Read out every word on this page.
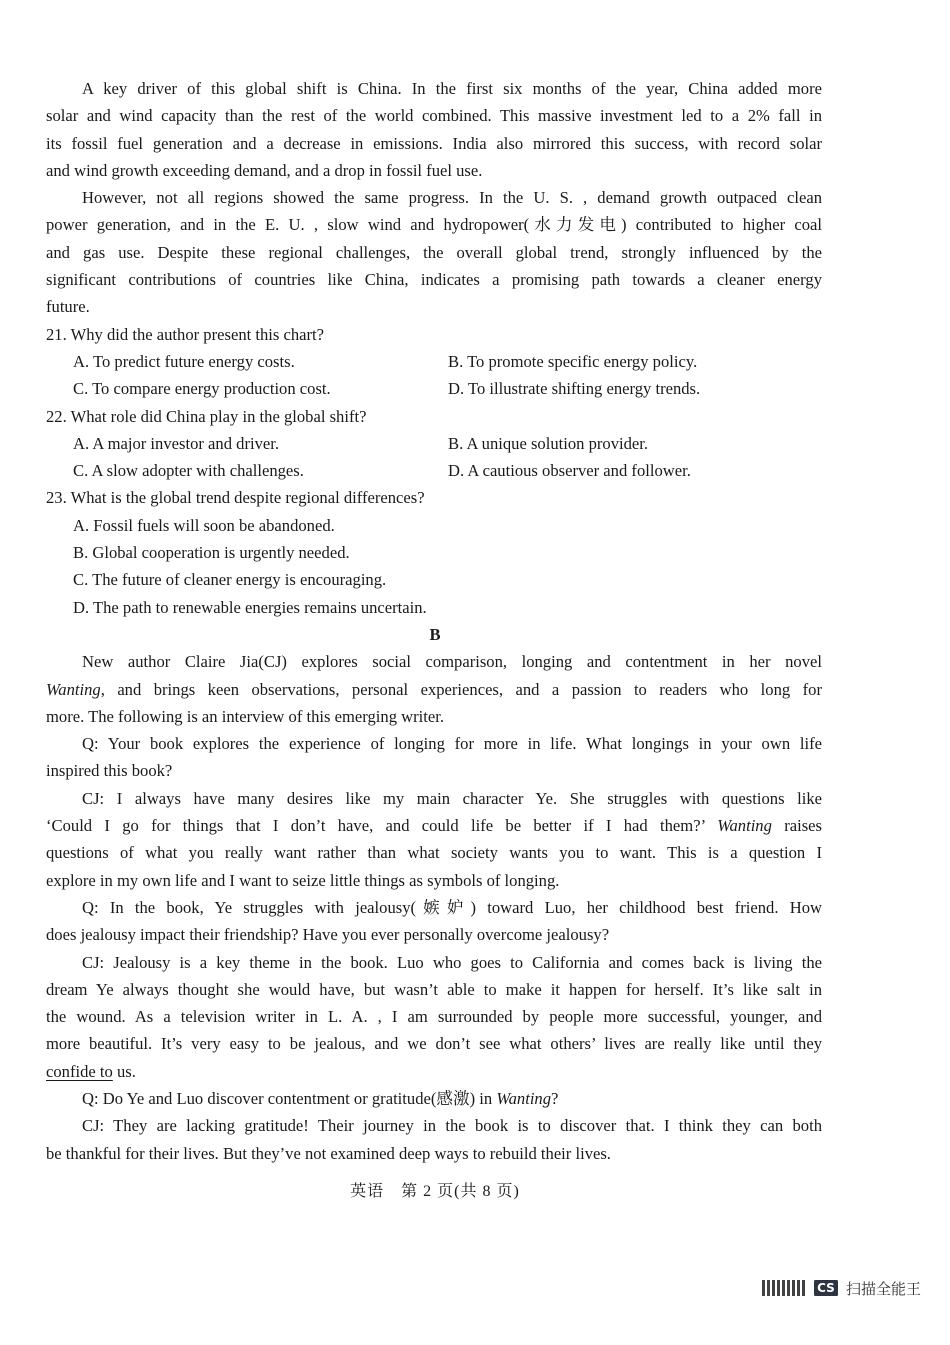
A key driver of this global shift is China. In the first six months of the year, China added more
solar and wind capacity than the rest of the world combined. This massive investment led to a 2% fall in
its fossil fuel generation and a decrease in emissions. India also mirrored this success, with record solar
and wind growth exceeding demand, and a drop in fossil fuel use.
However, not all regions showed the same progress. In the U. S. , demand growth outpaced clean
power generation, and in the E. U. , slow wind and hydropower(水力发电) contributed to higher coal
and gas use. Despite these regional challenges, the overall global trend, strongly influenced by the
significant contributions of countries like China, indicates a promising path towards a cleaner energy
future.
21. Why did the author present this chart?
A. To predict future energy costs.	B. To promote specific energy policy.
C. To compare energy production cost.	D. To illustrate shifting energy trends.
22. What role did China play in the global shift?
A. A major investor and driver.	B. A unique solution provider.
C. A slow adopter with challenges.	D. A cautious observer and follower.
23. What is the global trend despite regional differences?
A. Fossil fuels will soon be abandoned.
B. Global cooperation is urgently needed.
C. The future of cleaner energy is encouraging.
D. The path to renewable energies remains uncertain.
B
New author Claire Jia(CJ) explores social comparison, longing and contentment in her novel
Wanting, and brings keen observations, personal experiences, and a passion to readers who long for
more. The following is an interview of this emerging writer.
Q: Your book explores the experience of longing for more in life. What longings in your own life
inspired this book?
CJ: I always have many desires like my main character Ye. She struggles with questions like
‘Could I go for things that I don’t have, and could life be better if I had them?’ Wanting raises
questions of what you really want rather than what society wants you to want. This is a question I
explore in my own life and I want to seize little things as symbols of longing.
Q: In the book, Ye struggles with jealousy(嫉妒) toward Luo, her childhood best friend. How
does jealousy impact their friendship? Have you ever personally overcome jealousy?
CJ: Jealousy is a key theme in the book. Luo who goes to California and comes back is living the
dream Ye always thought she would have, but wasn’t able to make it happen for herself. It’s like salt in
the wound. As a television writer in L. A. , I am surrounded by people more successful, younger, and
more beautiful. It’s very easy to be jealous, and we don’t see what others’ lives are really like until they
confide to us.
Q: Do Ye and Luo discover contentment or gratitude(感激) in Wanting?
CJ: They are lacking gratitude! Their journey in the book is to discover that. I think they can both
be thankful for their lives. But they’ve not examined deep ways to rebuild their lives.
英语　第 2 页(共 8 页)
CS 扫描全能王
